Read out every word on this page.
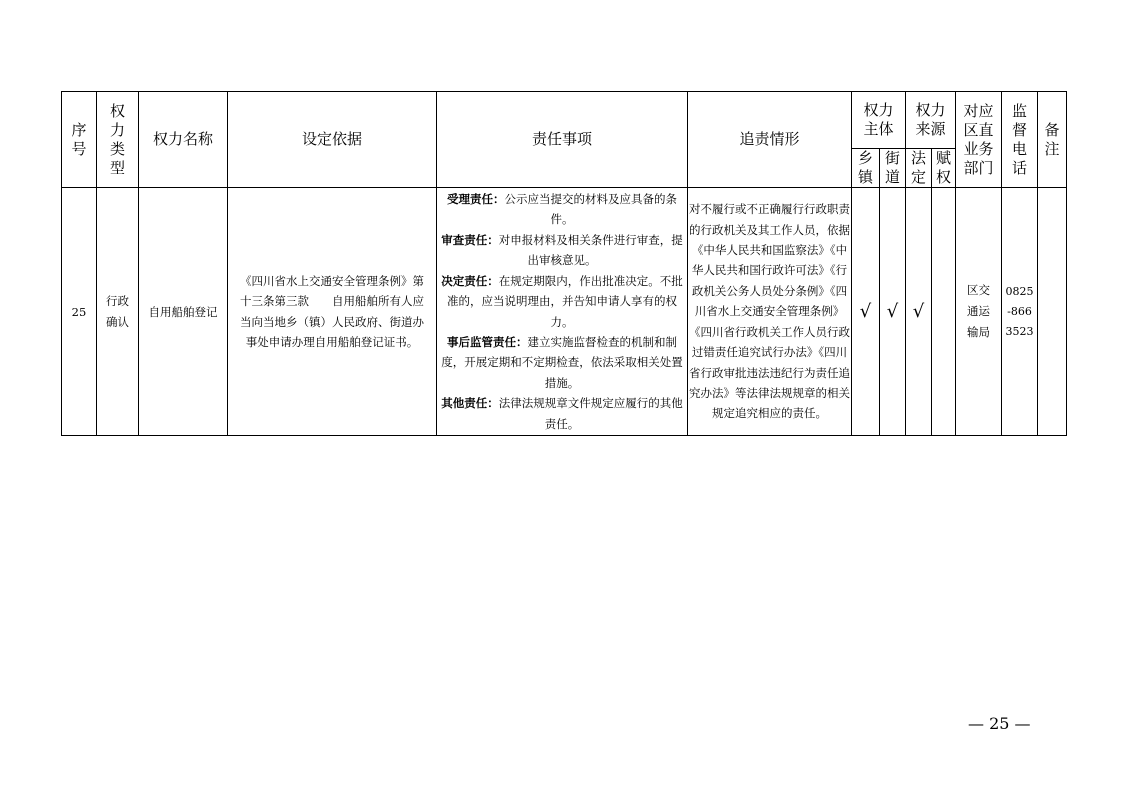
序号	权力类型	权力名称	设定依据	责任事项	追责情形	权力主体		权力来源		对应区直业务部门	监督电话	备注
						乡镇	街道	法定	赋权			
25	行政确认	自用船舶登记	《四川省水上交通安全管理条例》第十三条第三款　　自用船舶所有人应当向当地乡（镇）人民政府、街道办事处申请办理自用船舶登记证书。	受理责任：公示应当提交的材料及应具备的条件。

审查责任：对申报材料及相关条件进行审查，提出审核意见。

决定责任：在规定期限内，作出批准决定。不批准的，应当说明理由，并告知申请人享有的权力。

事后监管责任：建立实施监督检查的机制和制度，开展定期和不定期检查，依法采取相关处置措施。

其他责任：法律法规规章文件规定应履行的其他责任。	对不履行或不正确履行行政职责的行政机关及其工作人员，依据《中华人民共和国监察法》《中华人民共和国行政许可法》《行政机关公务人员处分条例》《四川省水上交通安全管理条例》《四川省行政机关工作人员行政过错责任追究试行办法》《四川省行政审批违法违纪行为责任追究办法》等法律法规规章的相关规定追究相应的责任。	√	√	√		区交通运输局	0825-8663523	
— 25 —
